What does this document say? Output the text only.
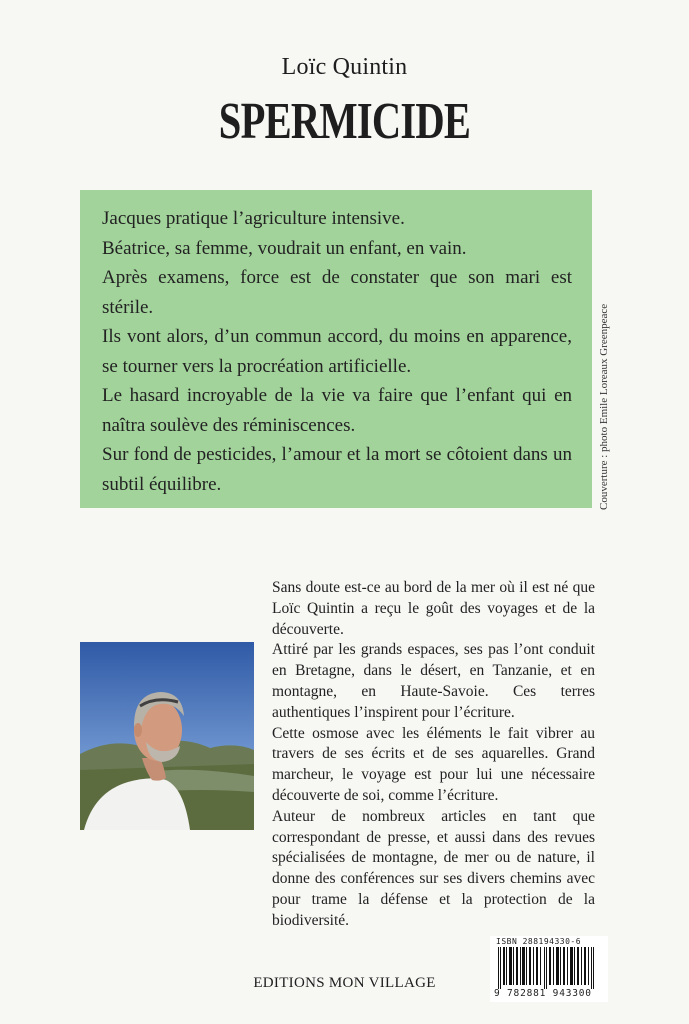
Loïc Quintin
SPERMICIDE

Jacques pratique l’agriculture intensive.

Béatrice, sa femme, voudrait un enfant, en vain.

Après examens, force est de constater que son mari est stérile.

Ils vont alors, d’un commun accord, du moins en apparence, se tourner vers la procréation artificielle.

Le hasard incroyable de la vie va faire que l’enfant qui en naîtra soulève des réminiscences.

Sur fond de pesticides, l’amour et la mort se côtoient dans un subtil équilibre.	Couverture : photo Emile Loreaux Greenpeace

Sans doute est-ce au bord de la mer où il est né que Loïc Quintin a reçu le goût des voyages et de la découverte.

Attiré par les grands espaces, ses pas l’ont conduit en Bretagne, dans le désert, en Tanzanie, et en montagne, en Haute-Savoie. Ces terres authentiques l’inspirent pour l’écriture.

Cette osmose avec les éléments le fait vibrer au travers de ses écrits et de ses aquarelles. Grand marcheur, le voyage est pour lui une nécessaire découverte de soi, comme l’écriture.

Auteur de nombreux articles en tant que correspondant de presse, et aussi dans des revues spécialisées de montagne, de mer ou de nature, il donne des conférences sur ses divers chemins avec pour trame la défense et la protection de la biodiversité.

EDITIONS MON VILLAGE
ISBN 288194330-6
9 782881 943300
